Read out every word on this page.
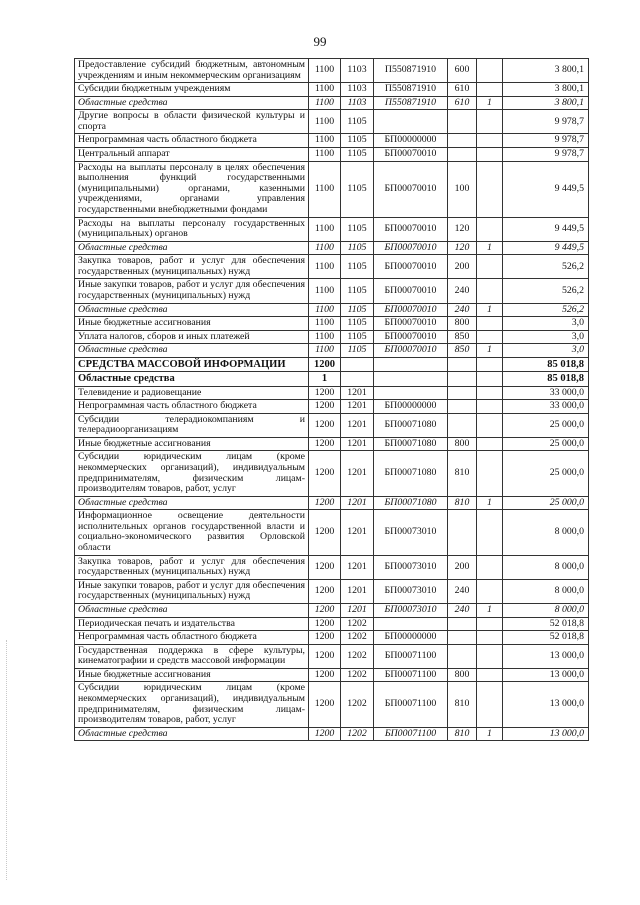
99
Предоставление субсидий бюджетным, автономным учреждениям и иным некоммерческим организациям	1100	1103	П550871910	600		3 800,1
Субсидии бюджетным учреждениям	1100	1103	П550871910	610		3 800,1
Областные средства	1100	1103	П550871910	610	1	3 800,1
Другие вопросы в области физической культуры и спорта	1100	1105				9 978,7
Непрограммная часть областного бюджета	1100	1105	БП00000000			9 978,7
Центральный аппарат	1100	1105	БП00070010			9 978,7
Расходы на выплаты персоналу в целях обеспечения выполнения функций государственными (муниципальными) органами, казенными учреждениями, органами управления государственными внебюджетными фондами	1100	1105	БП00070010	100		9 449,5
Расходы на выплаты персоналу государственных (муниципальных) органов	1100	1105	БП00070010	120		9 449,5
Областные средства	1100	1105	БП00070010	120	1	9 449,5
Закупка товаров, работ и услуг для обеспечения государственных (муниципальных) нужд	1100	1105	БП00070010	200		526,2
Иные закупки товаров, работ и услуг для обеспечения государственных (муниципальных) нужд	1100	1105	БП00070010	240		526,2
Областные средства	1100	1105	БП00070010	240	1	526,2
Иные бюджетные ассигнования	1100	1105	БП00070010	800		3,0
Уплата налогов, сборов и иных платежей	1100	1105	БП00070010	850		3,0
Областные средства	1100	1105	БП00070010	850	1	3,0
СРЕДСТВА МАССОВОЙ ИНФОРМАЦИИ	1200					85 018,8
Областные средства	1					85 018,8
Телевидение и радиовещание	1200	1201				33 000,0
Непрограммная часть областного бюджета	1200	1201	БП00000000			33 000,0
Субсидии телерадиокомпаниям и телерадиоорганизациям	1200	1201	БП00071080			25 000,0
Иные бюджетные ассигнования	1200	1201	БП00071080	800		25 000,0
Субсидии юридическим лицам (кроме некоммерческих организаций), индивидуальным предпринимателям, физическим лицам-производителям товаров, работ, услуг	1200	1201	БП00071080	810		25 000,0
Областные средства	1200	1201	БП00071080	810	1	25 000,0
Информационное освещение деятельности исполнительных органов государственной власти и социально-экономического развития Орловской области	1200	1201	БП00073010			8 000,0
Закупка товаров, работ и услуг для обеспечения государственных (муниципальных) нужд	1200	1201	БП00073010	200		8 000,0
Иные закупки товаров, работ и услуг для обеспечения государственных (муниципальных) нужд	1200	1201	БП00073010	240		8 000,0
Областные средства	1200	1201	БП00073010	240	1	8 000,0
Периодическая печать и издательства	1200	1202				52 018,8
Непрограммная часть областного бюджета	1200	1202	БП00000000			52 018,8
Государственная поддержка в сфере культуры, кинематографии и средств массовой информации	1200	1202	БП00071100			13 000,0
Иные бюджетные ассигнования	1200	1202	БП00071100	800		13 000,0
Субсидии юридическим лицам (кроме некоммерческих организаций), индивидуальным предпринимателям, физическим лицам-производителям товаров, работ, услуг	1200	1202	БП00071100	810		13 000,0
Областные средства	1200	1202	БП00071100	810	1	13 000,0
